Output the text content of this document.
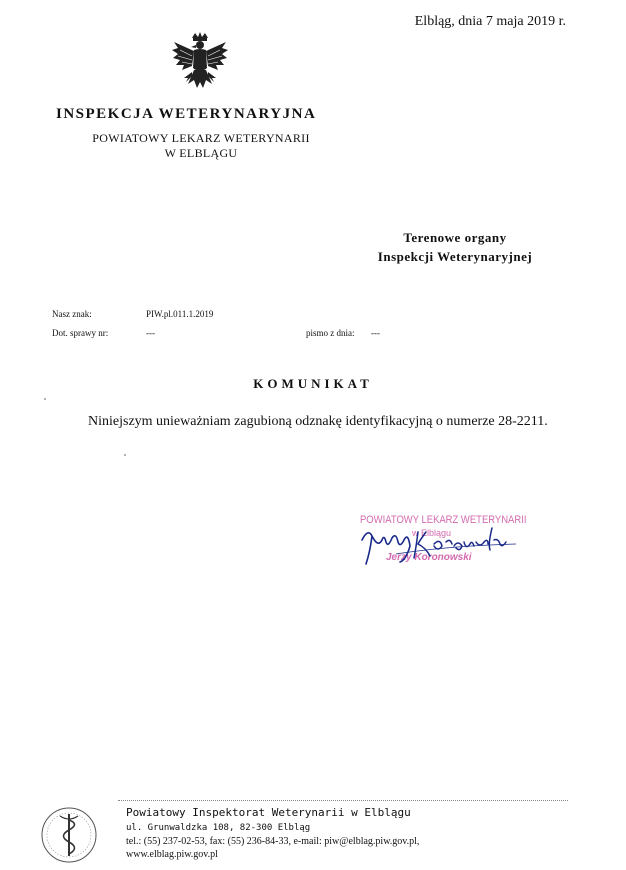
Elbląg, dnia 7 maja 2019 r.
INSPEKCJA WETERYNARYJNA
POWIATOWY LEKARZ WETERYNARII
W ELBLĄGU
Terenowe organy
Inspekcji Weterynaryjnej
Nasz znak:	PIW.pl.011.1.2019
Dot. sprawy nr:	---	pismo z dnia: ---
KOMUNIKAT
Niniejszym unieważniam zagubioną odznakę identyfikacyjną o numerze 28-2211.
POWIATOWY LEKARZ WETERYNARII
w Elblągu
Jerzy Koronowski
Powiatowy Inspektorat Weterynarii w Elblągu
ul. Grunwaldzka 108, 82-300 Elbląg
tel.: (55) 237-02-53, fax: (55) 236-84-33, e-mail: piw@elblag.piw.gov.pl,
www.elblag.piw.gov.pl
